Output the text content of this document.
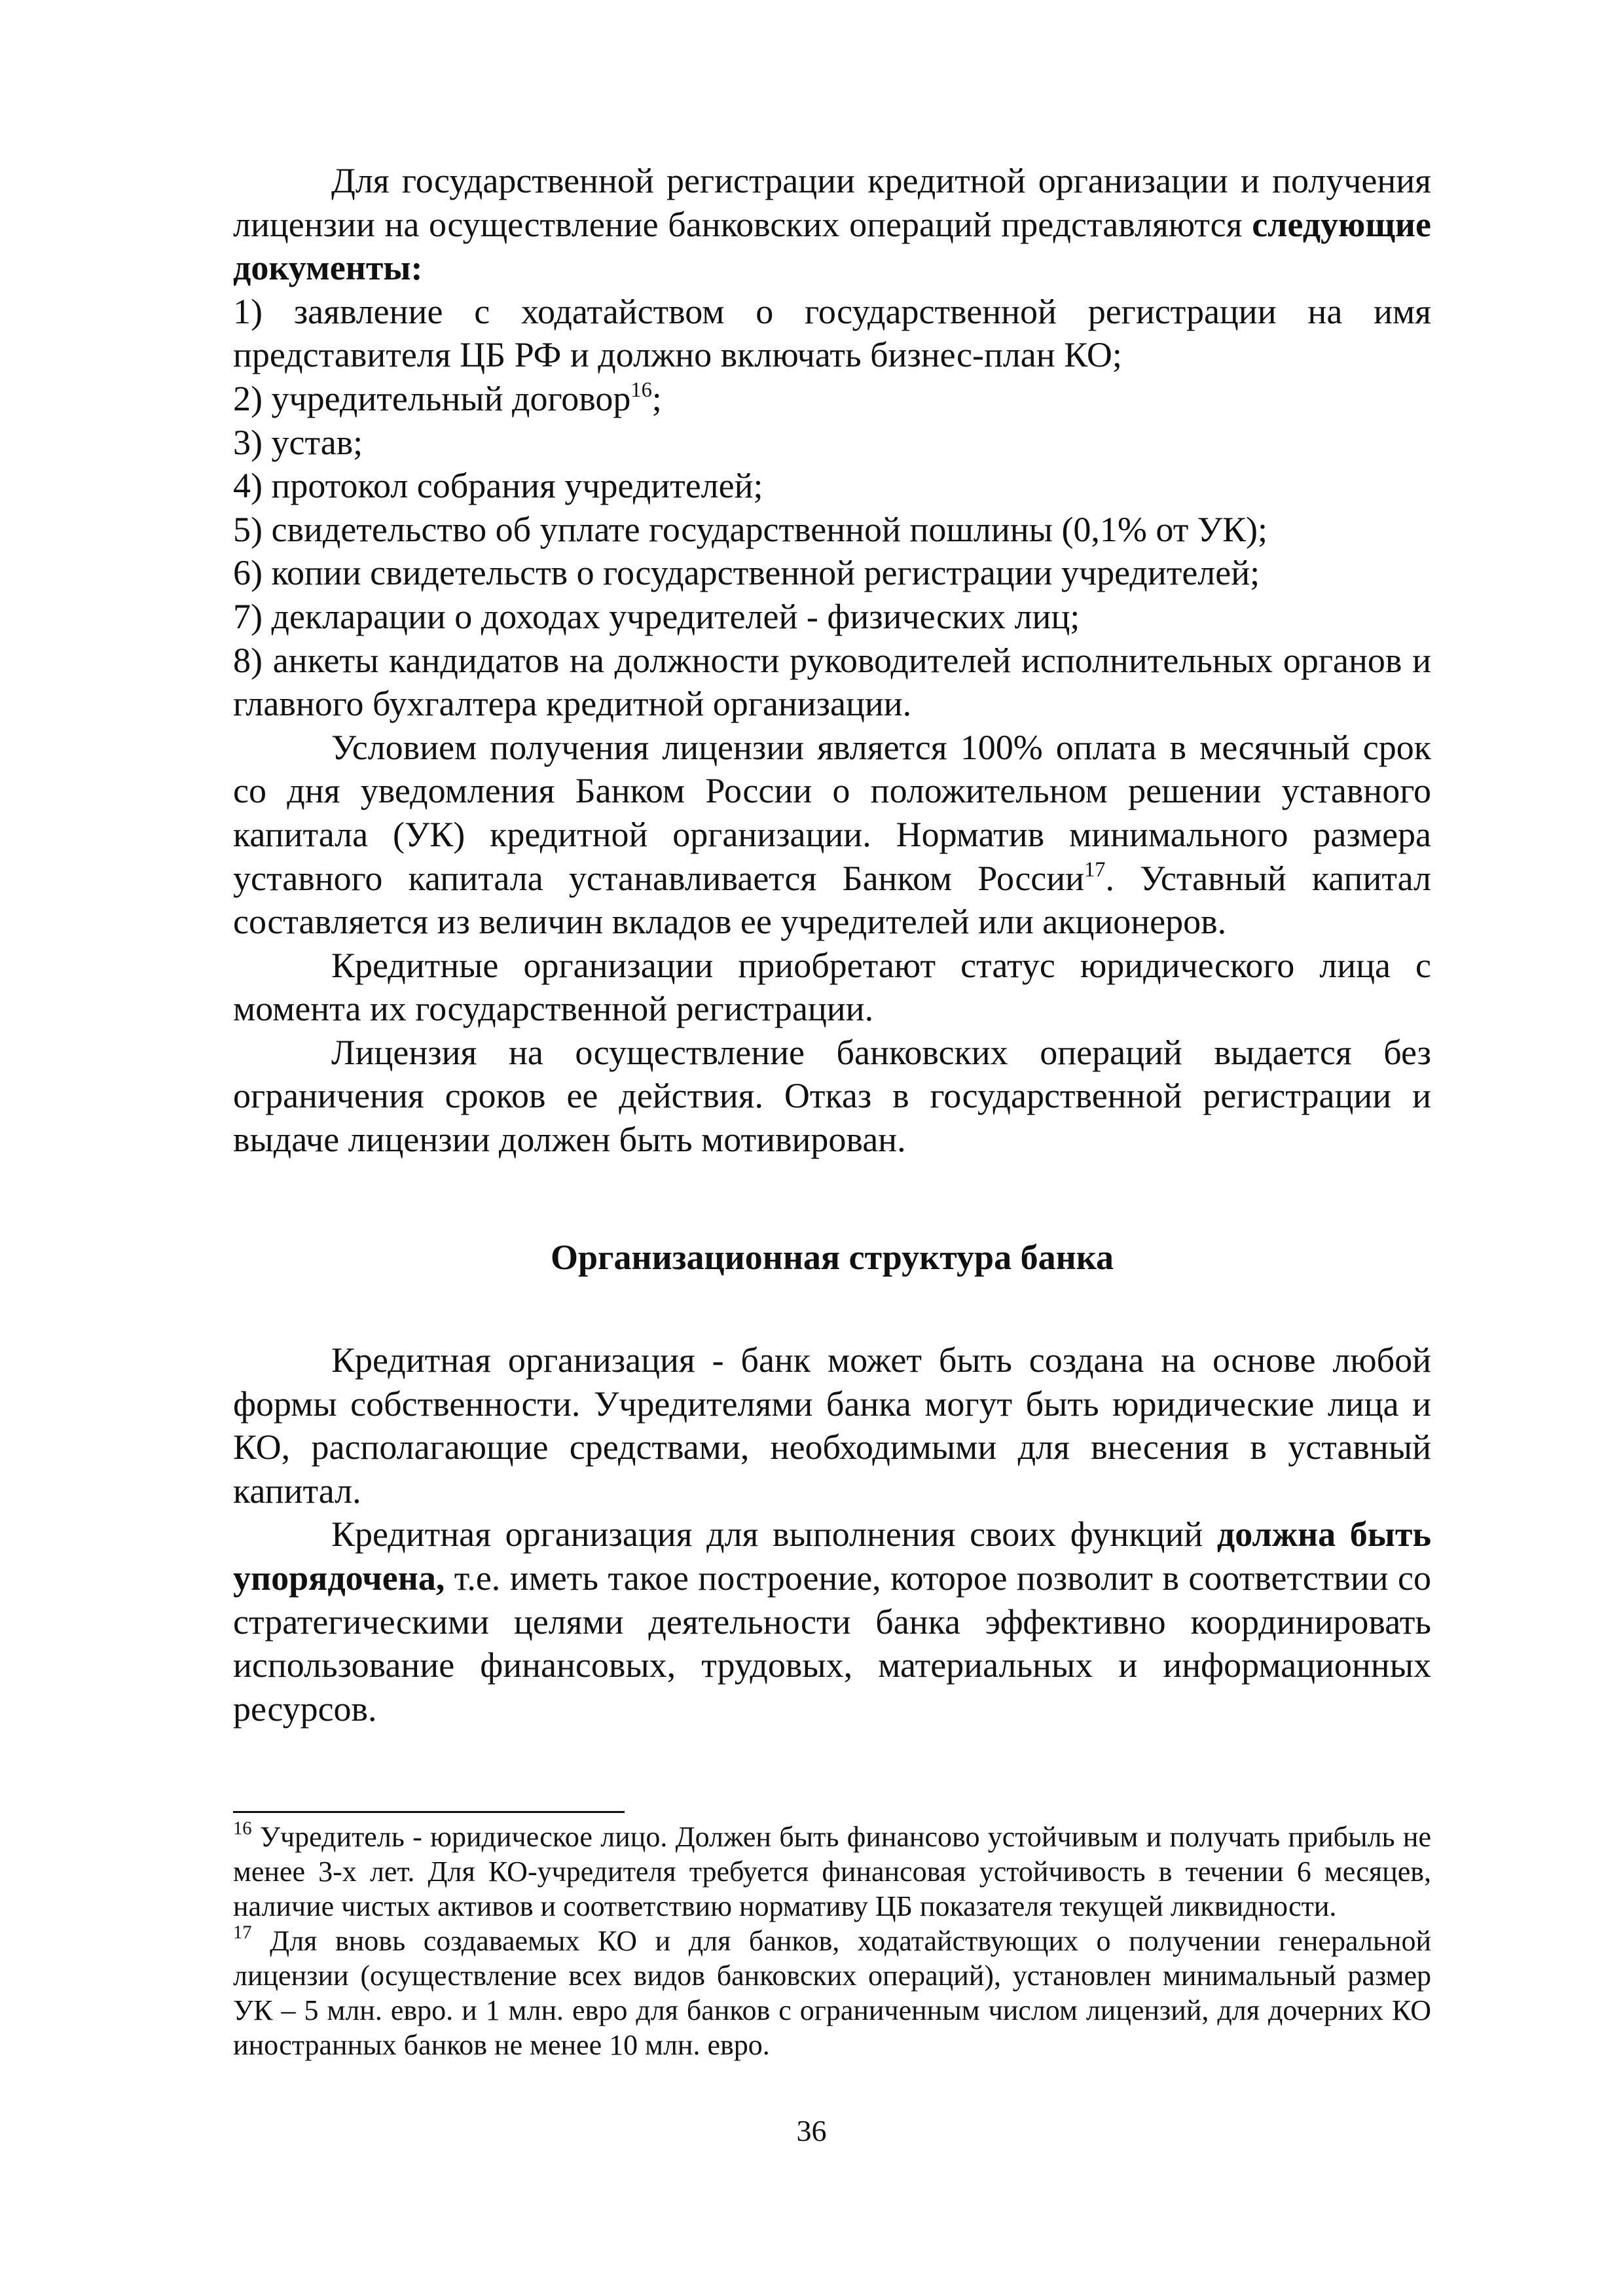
Для государственной регистрации кредитной организации и получения лицензии на осуществление банковских операций представляются следующие документы:

1) заявление с ходатайством о государственной регистрации на имя представителя ЦБ РФ и должно включать бизнес-план КО;

2) учредительный договор$^{16}$;

3) устав;

4) протокол собрания учредителей;

5) свидетельство об уплате государственной пошлины (0,1% от УК);

6) копии свидетельств о государственной регистрации учредителей;

7) декларации о доходах учредителей - физических лиц;

8) анкеты кандидатов на должности руководителей исполнительных органов и главного бухгалтера кредитной организации.

Условием получения лицензии является 100% оплата в месячный срок со дня уведомления Банком России о положительном решении уставного капитала (УК) кредитной организации. Норматив минимального размера уставного капитала устанавливается Банком России$^{17}$. Уставный капитал составляется из величин вкладов ее учредителей или акционеров.

Кредитные организации приобретают статус юридического лица с момента их государственной регистрации.

Лицензия на осуществление банковских операций выдается без ограничения сроков ее действия. Отказ в государственной регистрации и выдаче лицензии должен быть мотивирован.

Организационная структура банка

Кредитная организация - банк может быть создана на основе любой формы собственности. Учредителями банка могут быть юридические лица и КО, располагающие средствами, необходимыми для внесения в уставный капитал.

Кредитная организация для выполнения своих функций должна быть упорядочена, т.е. иметь такое построение, которое позволит в соответствии со стратегическими целями деятельности банка эффективно координировать использование финансовых, трудовых, материальных и информационных ресурсов.

$^{16}$ Учредитель - юридическое лицо. Должен быть финансово устойчивым и получать прибыль не менее 3-х лет. Для КО-учредителя требуется финансовая устойчивость в течении 6 месяцев, наличие чистых активов и соответствию нормативу ЦБ показателя текущей ликвидности.

$^{17}$ Для вновь создаваемых КО и для банков, ходатайствующих о получении генеральной лицензии (осуществление всех видов банковских операций), установлен минимальный размер УК – 5 млн. евро. и 1 млн. евро для банков с ограниченным числом лицензий, для дочерних КО иностранных банков не менее 10 млн. евро.

36
